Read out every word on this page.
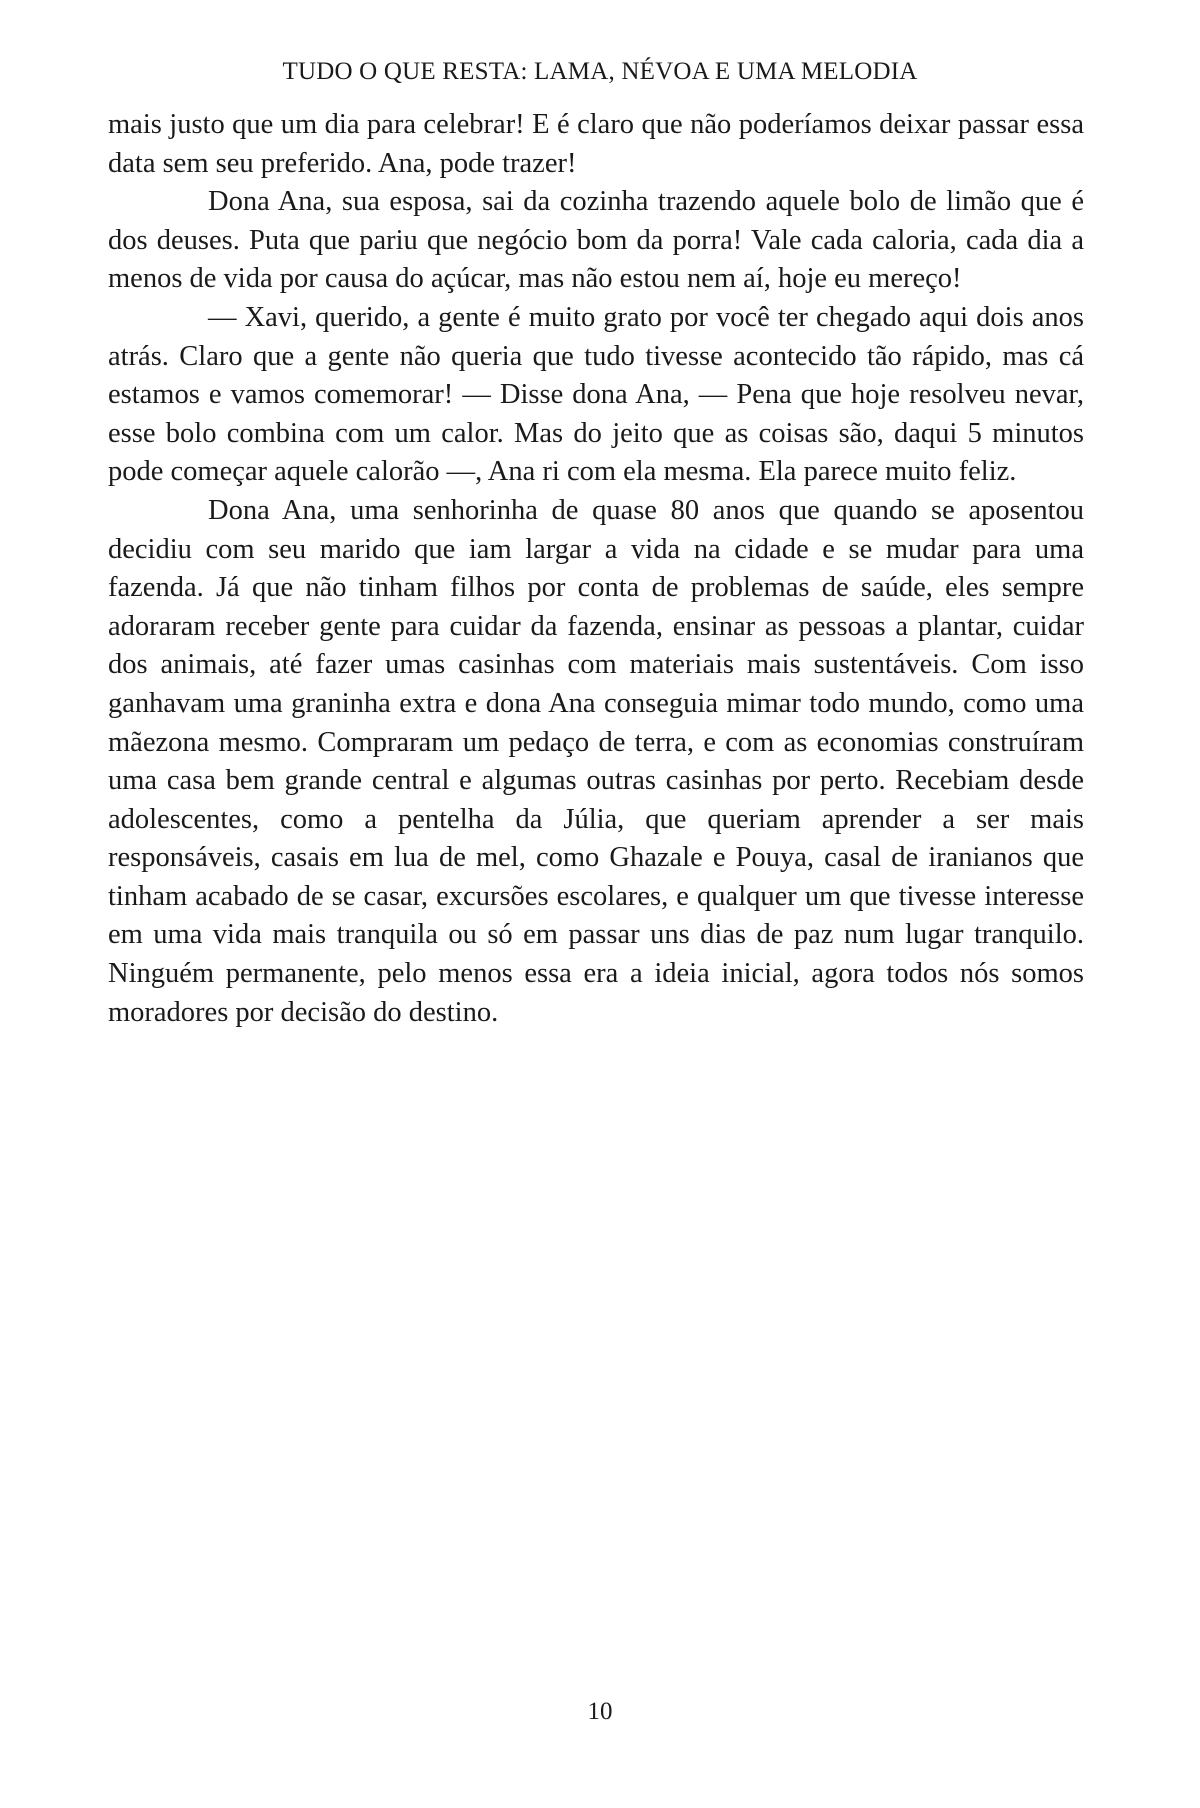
TUDO O QUE RESTA: LAMA, NÉVOA E UMA MELODIA

mais justo que um dia para celebrar! E é claro que não poderíamos deixar passar essa data sem seu preferido. Ana, pode trazer!

Dona Ana, sua esposa, sai da cozinha trazendo aquele bolo de limão que é dos deuses. Puta que pariu que negócio bom da porra! Vale cada caloria, cada dia a menos de vida por causa do açúcar, mas não estou nem aí, hoje eu mereço!

— Xavi, querido, a gente é muito grato por você ter chegado aqui dois anos atrás. Claro que a gente não queria que tudo tivesse acontecido tão rápido, mas cá estamos e vamos comemorar! — Disse dona Ana, — Pena que hoje resolveu nevar, esse bolo combina com um calor. Mas do jeito que as coisas são, daqui 5 minutos pode começar aquele calorão —, Ana ri com ela mesma. Ela parece muito feliz.

Dona Ana, uma senhorinha de quase 80 anos que quando se aposentou decidiu com seu marido que iam largar a vida na cidade e se mudar para uma fazenda. Já que não tinham filhos por conta de problemas de saúde, eles sempre adoraram receber gente para cuidar da fazenda, ensinar as pessoas a plantar, cuidar dos animais, até fazer umas casinhas com materiais mais sustentáveis. Com isso ganhavam uma graninha extra e dona Ana conseguia mimar todo mundo, como uma mãezona mesmo. Compraram um pedaço de terra, e com as economias construíram uma casa bem grande central e algumas outras casinhas por perto. Recebiam desde adolescentes, como a pentelha da Júlia, que queriam aprender a ser mais responsáveis, casais em lua de mel, como Ghazale e Pouya, casal de iranianos que tinham acabado de se casar, excursões escolares, e qualquer um que tivesse interesse em uma vida mais tranquila ou só em passar uns dias de paz num lugar tranquilo. Ninguém permanente, pelo menos essa era a ideia inicial, agora todos nós somos moradores por decisão do destino.

10
